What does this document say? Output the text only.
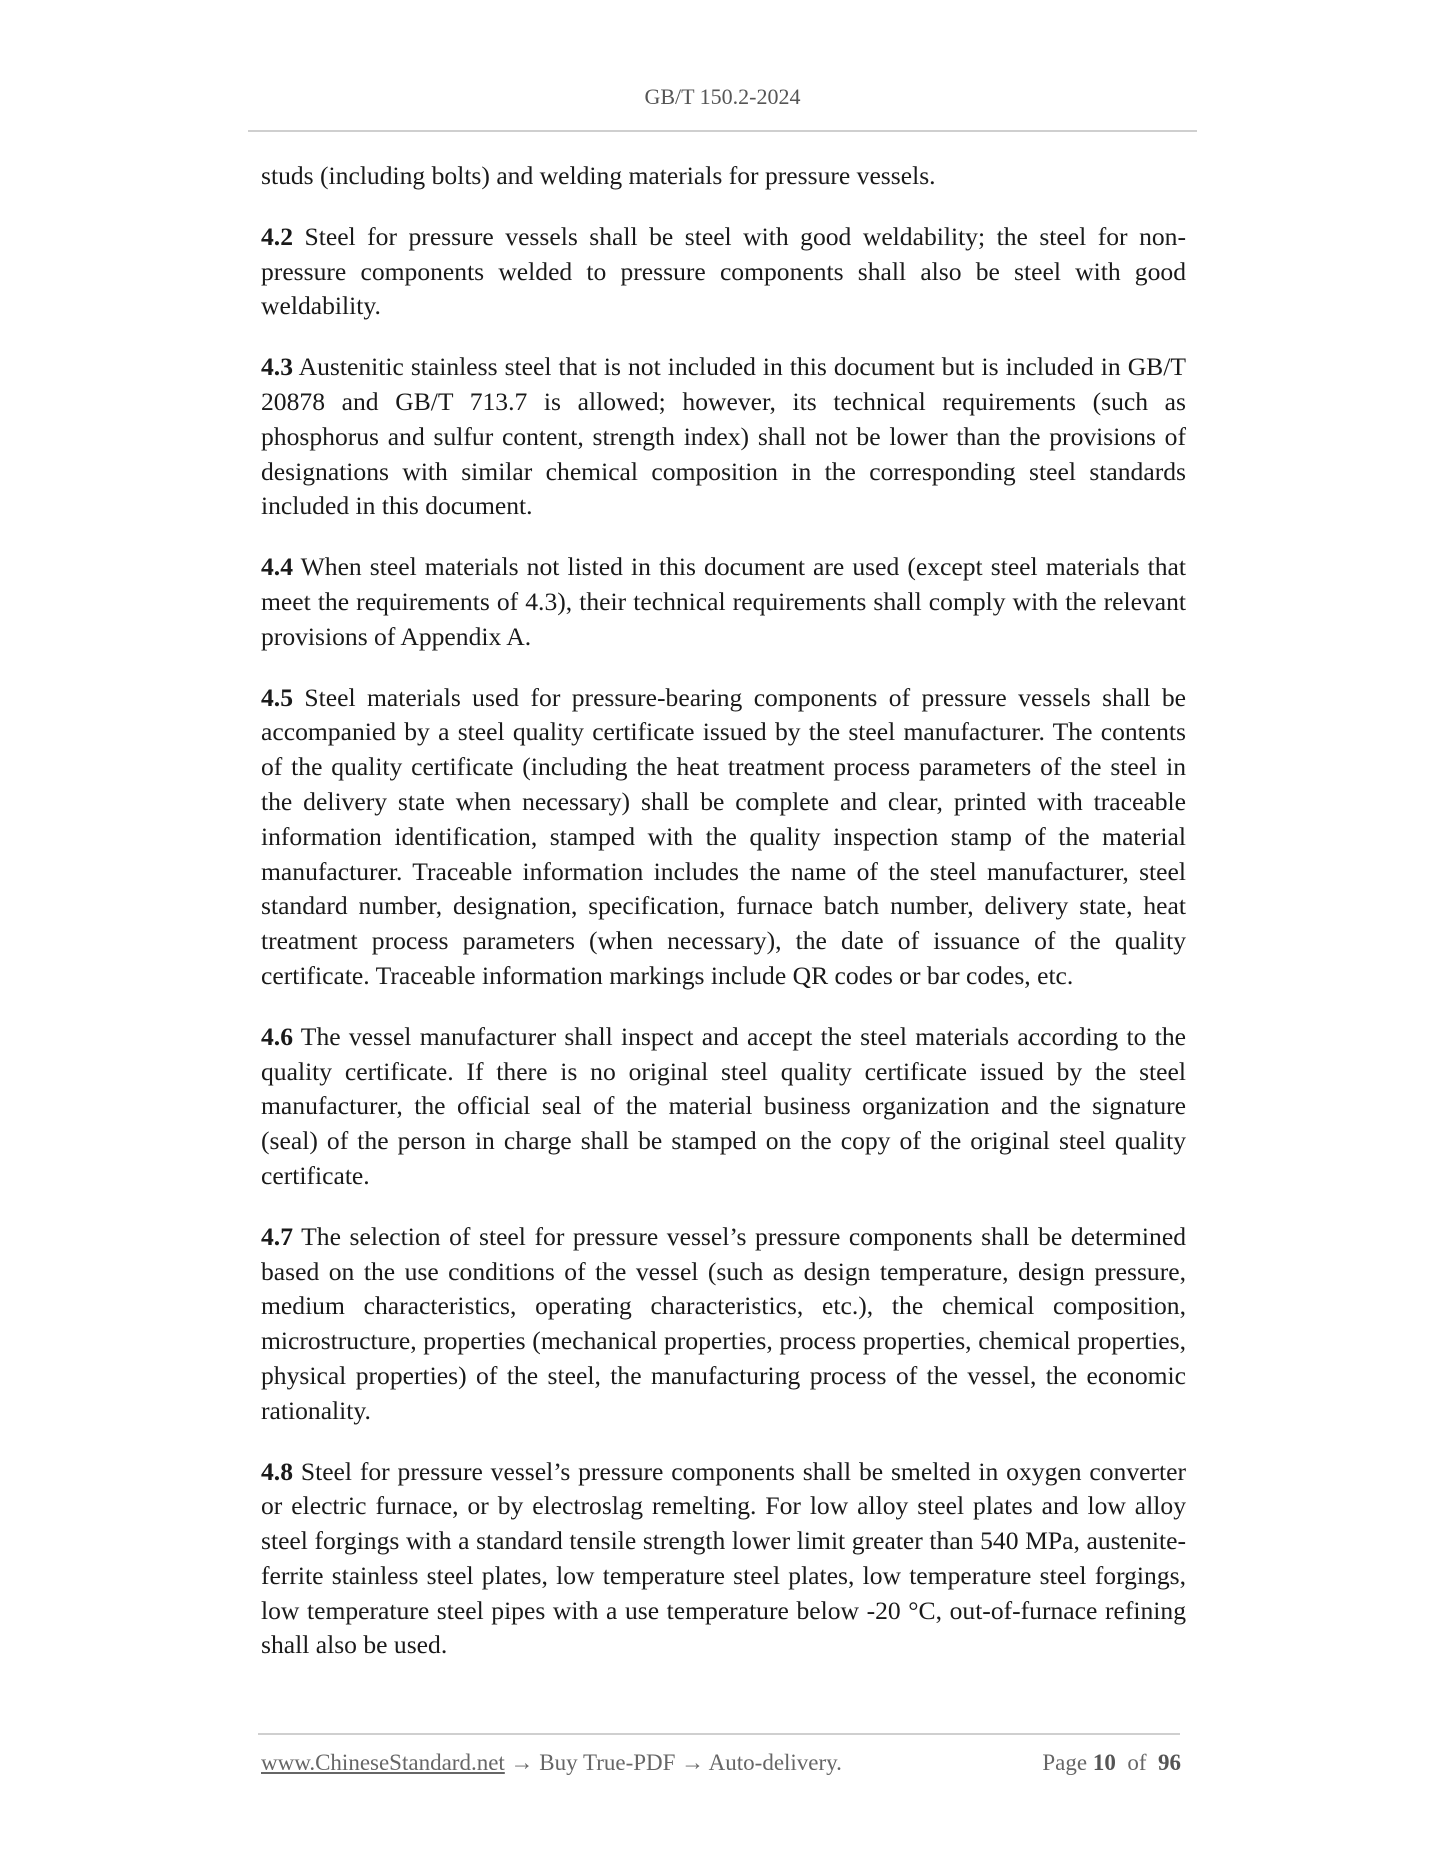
GB/T 150.2-2024

studs (including bolts) and welding materials for pressure vessels.

4.2 Steel for pressure vessels shall be steel with good weldability; the steel for non-pressure components welded to pressure components shall also be steel with good weldability.

4.3 Austenitic stainless steel that is not included in this document but is included in GB/T 20878 and GB/T 713.7 is allowed; however, its technical requirements (such as phosphorus and sulfur content, strength index) shall not be lower than the provisions of designations with similar chemical composition in the corresponding steel standards included in this document.

4.4 When steel materials not listed in this document are used (except steel materials that meet the requirements of 4.3), their technical requirements shall comply with the relevant provisions of Appendix A.

4.5 Steel materials used for pressure-bearing components of pressure vessels shall be accompanied by a steel quality certificate issued by the steel manufacturer. The contents of the quality certificate (including the heat treatment process parameters of the steel in the delivery state when necessary) shall be complete and clear, printed with traceable information identification, stamped with the quality inspection stamp of the material manufacturer. Traceable information includes the name of the steel manufacturer, steel standard number, designation, specification, furnace batch number, delivery state, heat treatment process parameters (when necessary), the date of issuance of the quality certificate. Traceable information markings include QR codes or bar codes, etc.

4.6 The vessel manufacturer shall inspect and accept the steel materials according to the quality certificate. If there is no original steel quality certificate issued by the steel manufacturer, the official seal of the material business organization and the signature (seal) of the person in charge shall be stamped on the copy of the original steel quality certificate.

4.7 The selection of steel for pressure vessel’s pressure components shall be determined based on the use conditions of the vessel (such as design temperature, design pressure, medium characteristics, operating characteristics, etc.), the chemical composition, microstructure, properties (mechanical properties, process properties, chemical properties, physical properties) of the steel, the manufacturing process of the vessel, the economic rationality.

4.8 Steel for pressure vessel’s pressure components shall be smelted in oxygen converter or electric furnace, or by electroslag remelting. For low alloy steel plates and low alloy steel forgings with a standard tensile strength lower limit greater than 540 MPa, austenite-ferrite stainless steel plates, low temperature steel plates, low temperature steel forgings, low temperature steel pipes with a use temperature below -20 °C, out-of-furnace refining shall also be used.

www.ChineseStandard.net → Buy True-PDF → Auto-delivery.	Page 10 of 96
